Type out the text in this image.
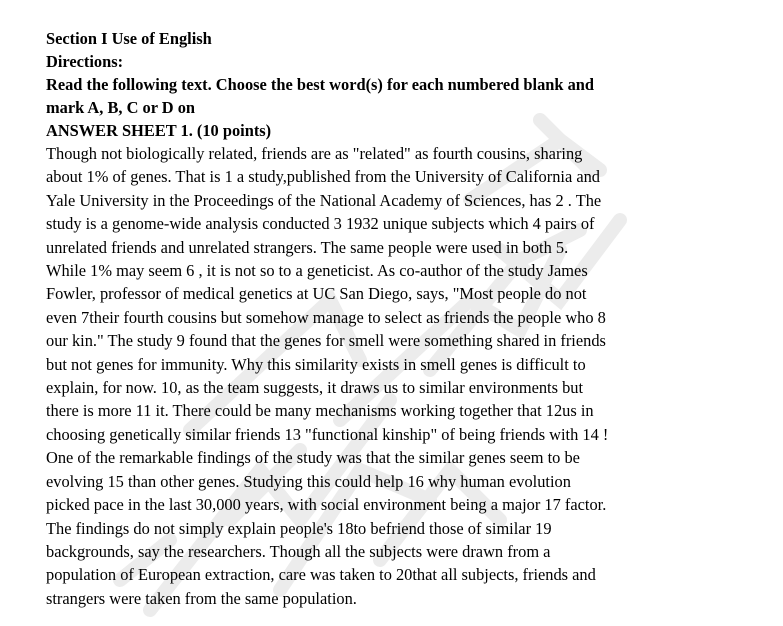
Section I Use of English

Directions:

Read the following text. Choose the best word(s) for each numbered blank and

mark A, B, C or D on

ANSWER SHEET 1. (10 points)

Though not biologically related, friends are as "related" as fourth cousins, sharing

about 1% of genes. That is 1 a study,published from the University of California and

Yale University in the Proceedings of the National Academy of Sciences, has 2 . The

study is a genome-wide analysis conducted 3 1932 unique subjects which 4 pairs of

unrelated friends and unrelated strangers. The same people were used in both 5.

While 1% may seem 6 , it is not so to a geneticist. As co-author of the study James

Fowler, professor of medical genetics at UC San Diego, says, "Most people do not

even 7their fourth cousins but somehow manage to select as friends the people who 8

our kin." The study 9 found that the genes for smell were something shared in friends

but not genes for immunity. Why this similarity exists in smell genes is difficult to

explain, for now. 10, as the team suggests, it draws us to similar environments but

there is more 11 it. There could be many mechanisms working together that 12us in

choosing genetically similar friends 13 "functional kinship" of being friends with 14 !

One of the remarkable findings of the study was that the similar genes seem to be

evolving 15 than other genes. Studying this could help 16 why human evolution

picked pace in the last 30,000 years, with social environment being a major 17 factor.

The findings do not simply explain people's 18to befriend those of similar 19

backgrounds, say the researchers. Though all the subjects were drawn from a

population of European extraction, care was taken to 20that all subjects, friends and

strangers were taken from the same population.
